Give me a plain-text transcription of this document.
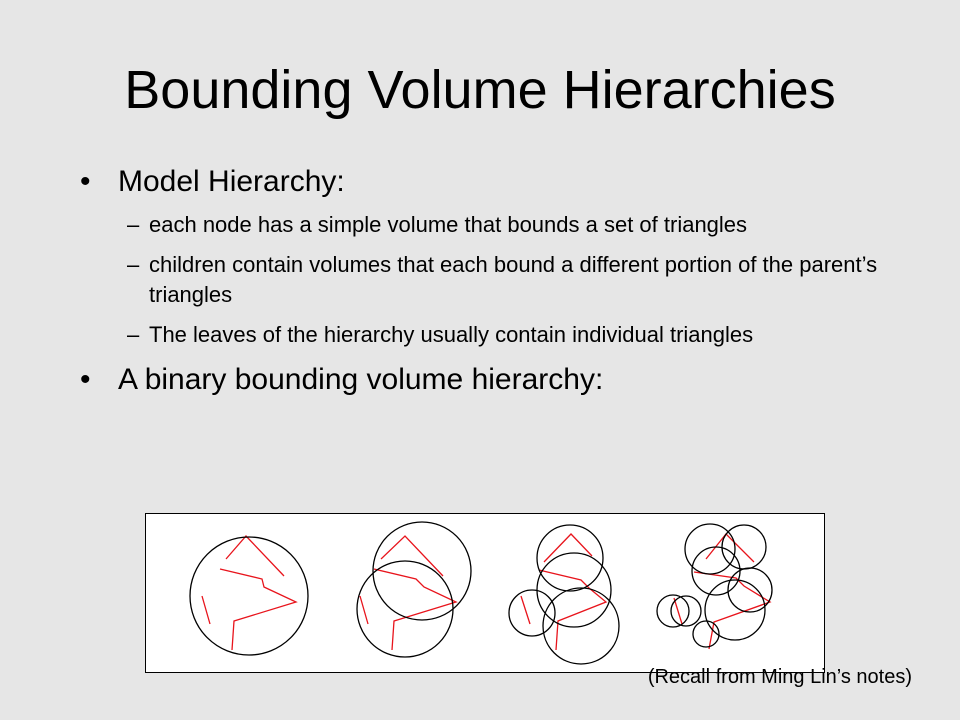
Bounding Volume Hierarchies
• Model Hierarchy:
– each node has a simple volume that bounds a set of triangles
– children contain volumes that each bound a different portion of the parent’s triangles
– The leaves of the hierarchy usually contain individual triangles
• A binary bounding volume hierarchy:
(Recall from Ming Lin’s notes)
